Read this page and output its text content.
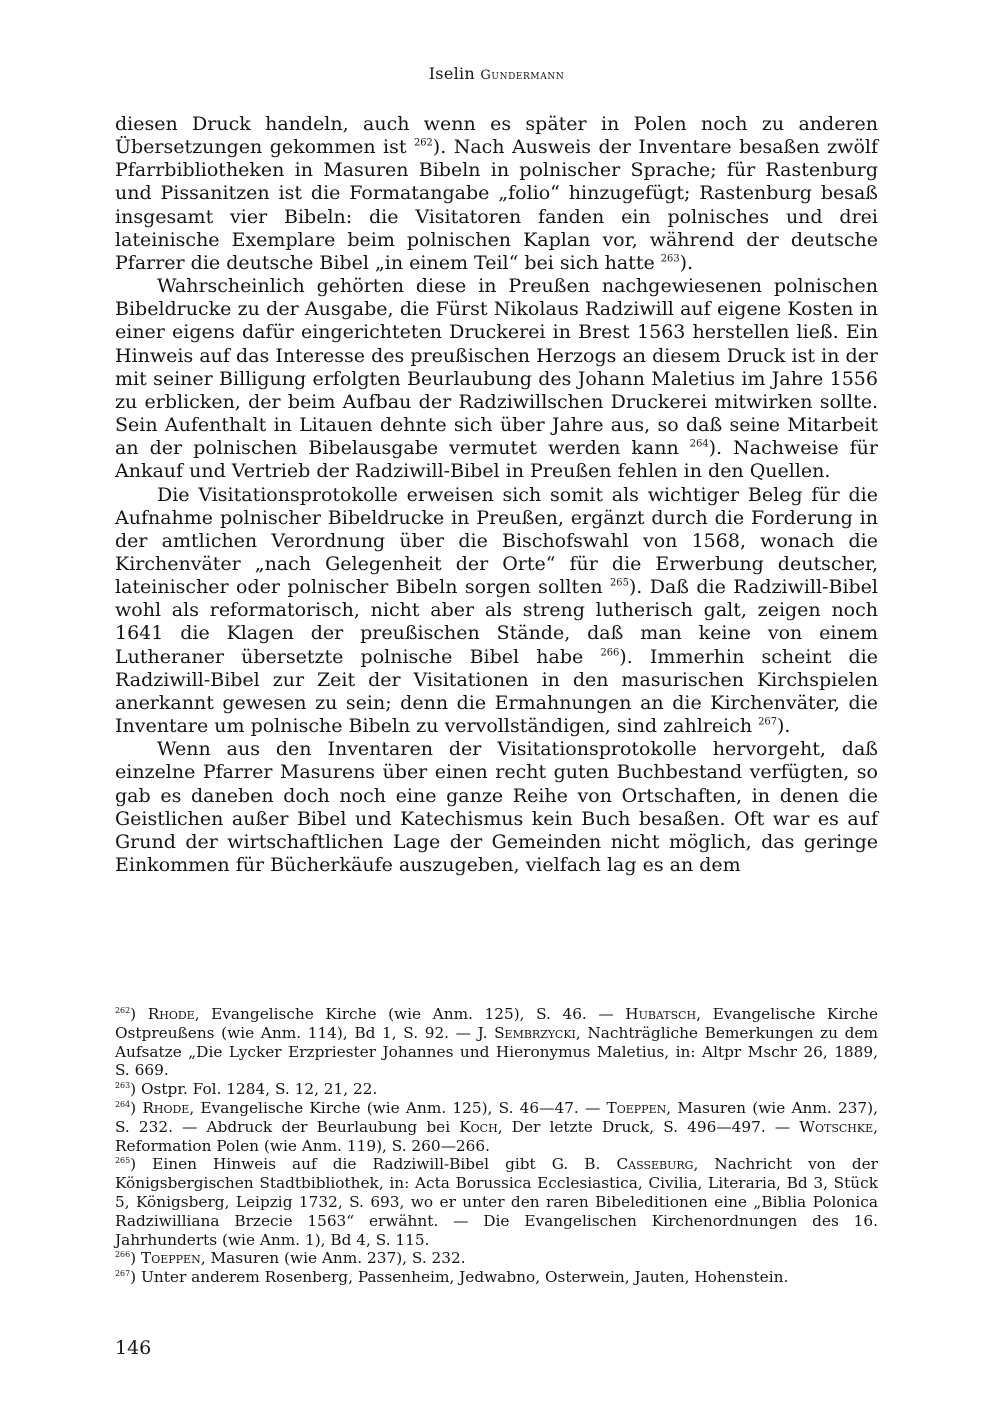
Iselin Gundermann

diesen Druck handeln, auch wenn es später in Polen noch zu anderen Übersetzungen gekommen ist $^{262}$). Nach Ausweis der Inventare besaßen zwölf Pfarrbibliotheken in Masuren Bibeln in polnischer Sprache; für Rastenburg und Pissanitzen ist die Formatangabe „folio“ hinzugefügt; Rastenburg besaß insgesamt vier Bibeln: die Visitatoren fanden ein polnisches und drei lateinische Exemplare beim polnischen Kaplan vor, während der deutsche Pfarrer die deutsche Bibel „in einem Teil“ bei sich hatte $^{263}$).

Wahrscheinlich gehörten diese in Preußen nachgewiesenen polnischen Bibeldrucke zu der Ausgabe, die Fürst Nikolaus Radziwill auf eigene Kosten in einer eigens dafür eingerichteten Druckerei in Brest 1563 herstellen ließ. Ein Hinweis auf das Interesse des preußischen Herzogs an diesem Druck ist in der mit seiner Billigung erfolgten Beurlaubung des Johann Maletius im Jahre 1556 zu erblicken, der beim Aufbau der Radziwillschen Druckerei mitwirken sollte. Sein Aufenthalt in Litauen dehnte sich über Jahre aus, so daß seine Mitarbeit an der polnischen Bibelausgabe vermutet werden kann $^{264}$). Nachweise für Ankauf und Vertrieb der Radziwill-Bibel in Preußen fehlen in den Quellen.

Die Visitationsprotokolle erweisen sich somit als wichtiger Beleg für die Aufnahme polnischer Bibeldrucke in Preußen, ergänzt durch die Forderung in der amtlichen Verordnung über die Bischofswahl von 1568, wonach die Kirchenväter „nach Gelegenheit der Orte“ für die Erwerbung deutscher, lateinischer oder polnischer Bibeln sorgen sollten $^{265}$). Daß die Radziwill-Bibel wohl als reformatorisch, nicht aber als streng lutherisch galt, zeigen noch 1641 die Klagen der preußischen Stände, daß man keine von einem Lutheraner übersetzte polnische Bibel habe $^{266}$). Immerhin scheint die Radziwill-Bibel zur Zeit der Visitationen in den masurischen Kirchspielen anerkannt gewesen zu sein; denn die Ermahnungen an die Kirchenväter, die Inventare um polnische Bibeln zu vervollständigen, sind zahlreich $^{267}$).

Wenn aus den Inventaren der Visitationsprotokolle hervorgeht, daß einzelne Pfarrer Masurens über einen recht guten Buchbestand verfügten, so gab es daneben doch noch eine ganze Reihe von Ortschaften, in denen die Geistlichen außer Bibel und Katechismus kein Buch besaßen. Oft war es auf Grund der wirtschaftlichen Lage der Gemeinden nicht möglich, das geringe Einkommen für Bücherkäufe auszugeben, vielfach lag es an dem

$^{262}$) Rhode, Evangelische Kirche (wie Anm. 125), S. 46. — Hubatsch, Evangelische Kirche Ostpreußens (wie Anm. 114), Bd 1, S. 92. — J. Sembrzycki, Nachträgliche Bemerkungen zu dem Aufsatze „Die Lycker Erzpriester Johannes und Hieronymus Maletius, in: Altpr Mschr 26, 1889, S. 669.

$^{263}$) Ostpr. Fol. 1284, S. 12, 21, 22.

$^{264}$) Rhode, Evangelische Kirche (wie Anm. 125), S. 46—47. — Toeppen, Masuren (wie Anm. 237), S. 232. — Abdruck der Beurlaubung bei Koch, Der letzte Druck, S. 496—497. — Wotschke, Reformation Polen (wie Anm. 119), S. 260—266.

$^{265}$) Einen Hinweis auf die Radziwill-Bibel gibt G. B. Casseburg, Nachricht von der Königsbergischen Stadtbibliothek, in: Acta Borussica Ecclesiastica, Civilia, Literaria, Bd 3, Stück 5, Königsberg, Leipzig 1732, S. 693, wo er unter den raren Bibeleditionen eine „Biblia Polonica Radziwilliana Brzecie 1563“ erwähnt. — Die Evangelischen Kirchenordnungen des 16. Jahrhunderts (wie Anm. 1), Bd 4, S. 115.

$^{266}$) Toeppen, Masuren (wie Anm. 237), S. 232.

$^{267}$) Unter anderem Rosenberg, Passenheim, Jedwabno, Osterwein, Jauten, Hohenstein.

146
